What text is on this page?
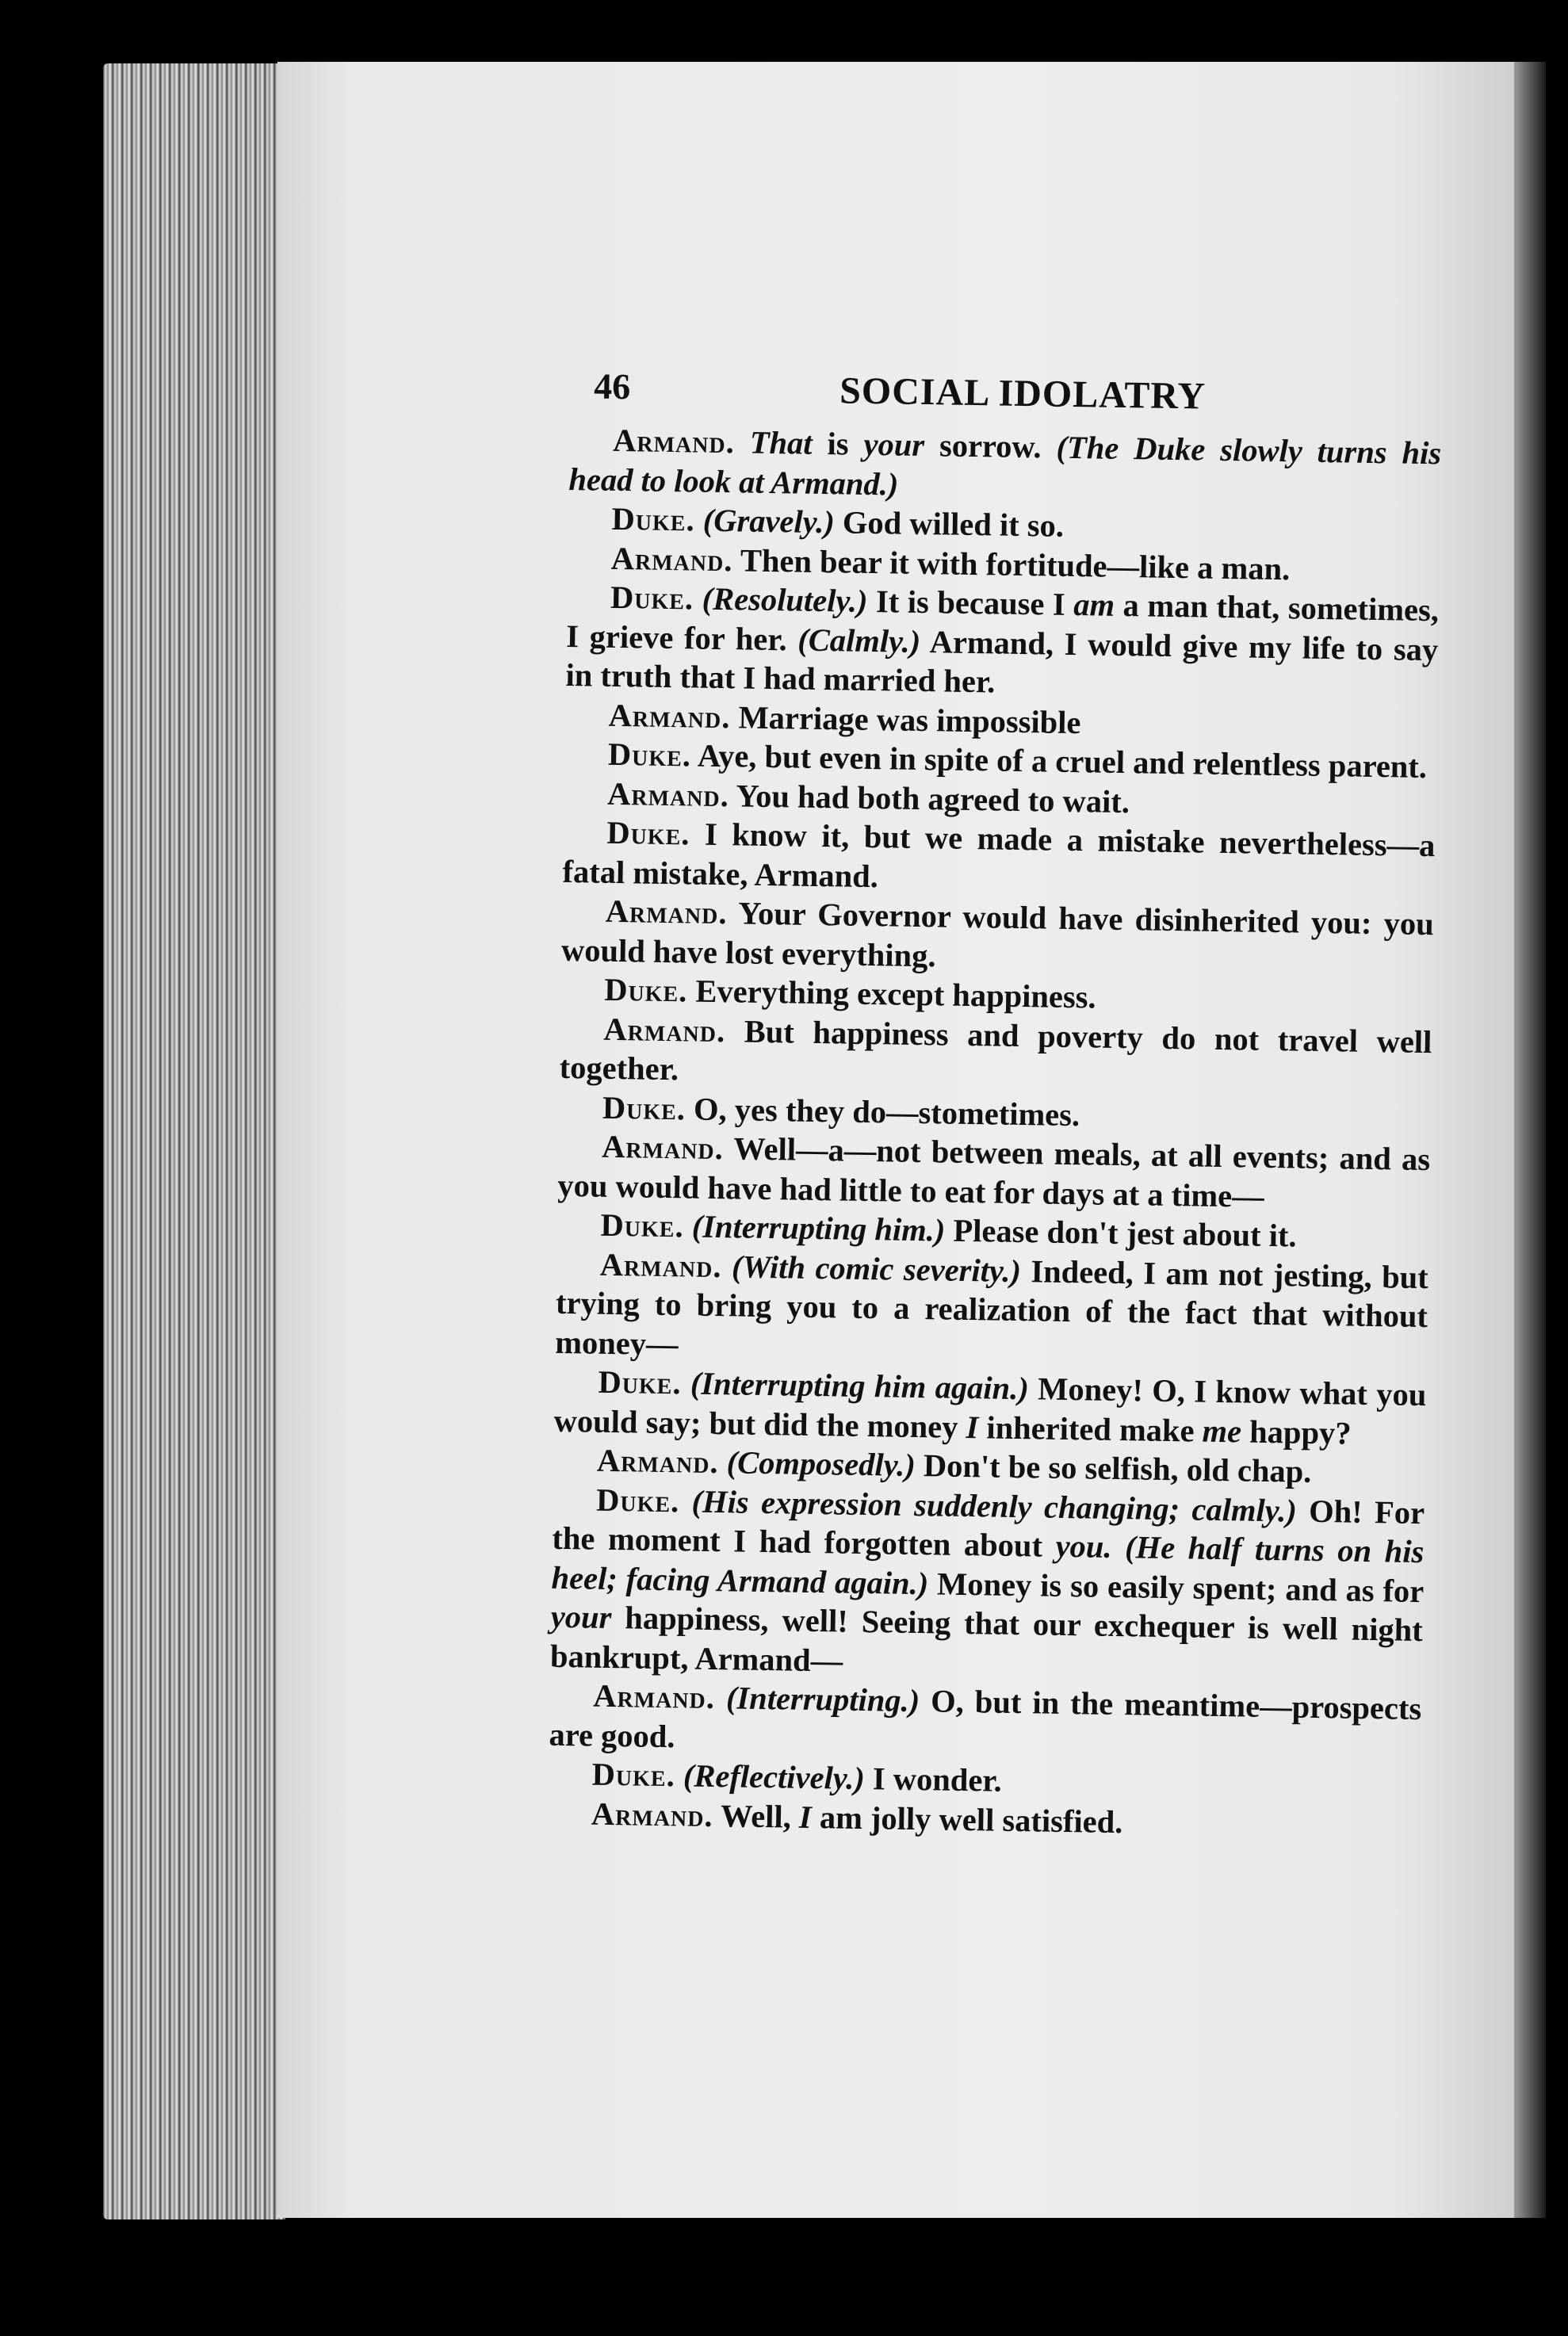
46	SOCIAL IDOLATRY

Armand. That is your sorrow. (The Duke slowly turns his head to look at Armand.)

Duke. (Gravely.) God willed it so.

Armand. Then bear it with fortitude—like a man.

Duke. (Resolutely.) It is because I am a man that, sometimes, I grieve for her. (Calmly.) Armand, I would give my life to say in truth that I had married her.

Armand. Marriage was impossible

Duke. Aye, but even in spite of a cruel and relentless parent.

Armand. You had both agreed to wait.

Duke. I know it, but we made a mistake nevertheless—a fatal mistake, Armand.

Armand. Your Governor would have disinherited you: you would have lost everything.

Duke. Everything except happiness.

Armand. But happiness and poverty do not travel well together.

Duke. O, yes they do—stometimes.

Armand. Well—a—not between meals, at all events; and as you would have had little to eat for days at a time—

Duke. (Interrupting him.) Please don't jest about it.

Armand. (With comic severity.) Indeed, I am not jesting, but trying to bring you to a realization of the fact that without money—

Duke. (Interrupting him again.) Money! O, I know what you would say; but did the money I inherited make me happy?

Armand. (Composedly.) Don't be so selfish, old chap.

Duke. (His expression suddenly changing; calmly.) Oh! For the moment I had forgotten about you. (He half turns on his heel; facing Armand again.) Money is so easily spent; and as for your happiness, well! Seeing that our exchequer is well night bankrupt, Armand—

Armand. (Interrupting.) O, but in the meantime—prospects are good.

Duke. (Reflectively.) I wonder.

Armand. Well, I am jolly well satisfied.
